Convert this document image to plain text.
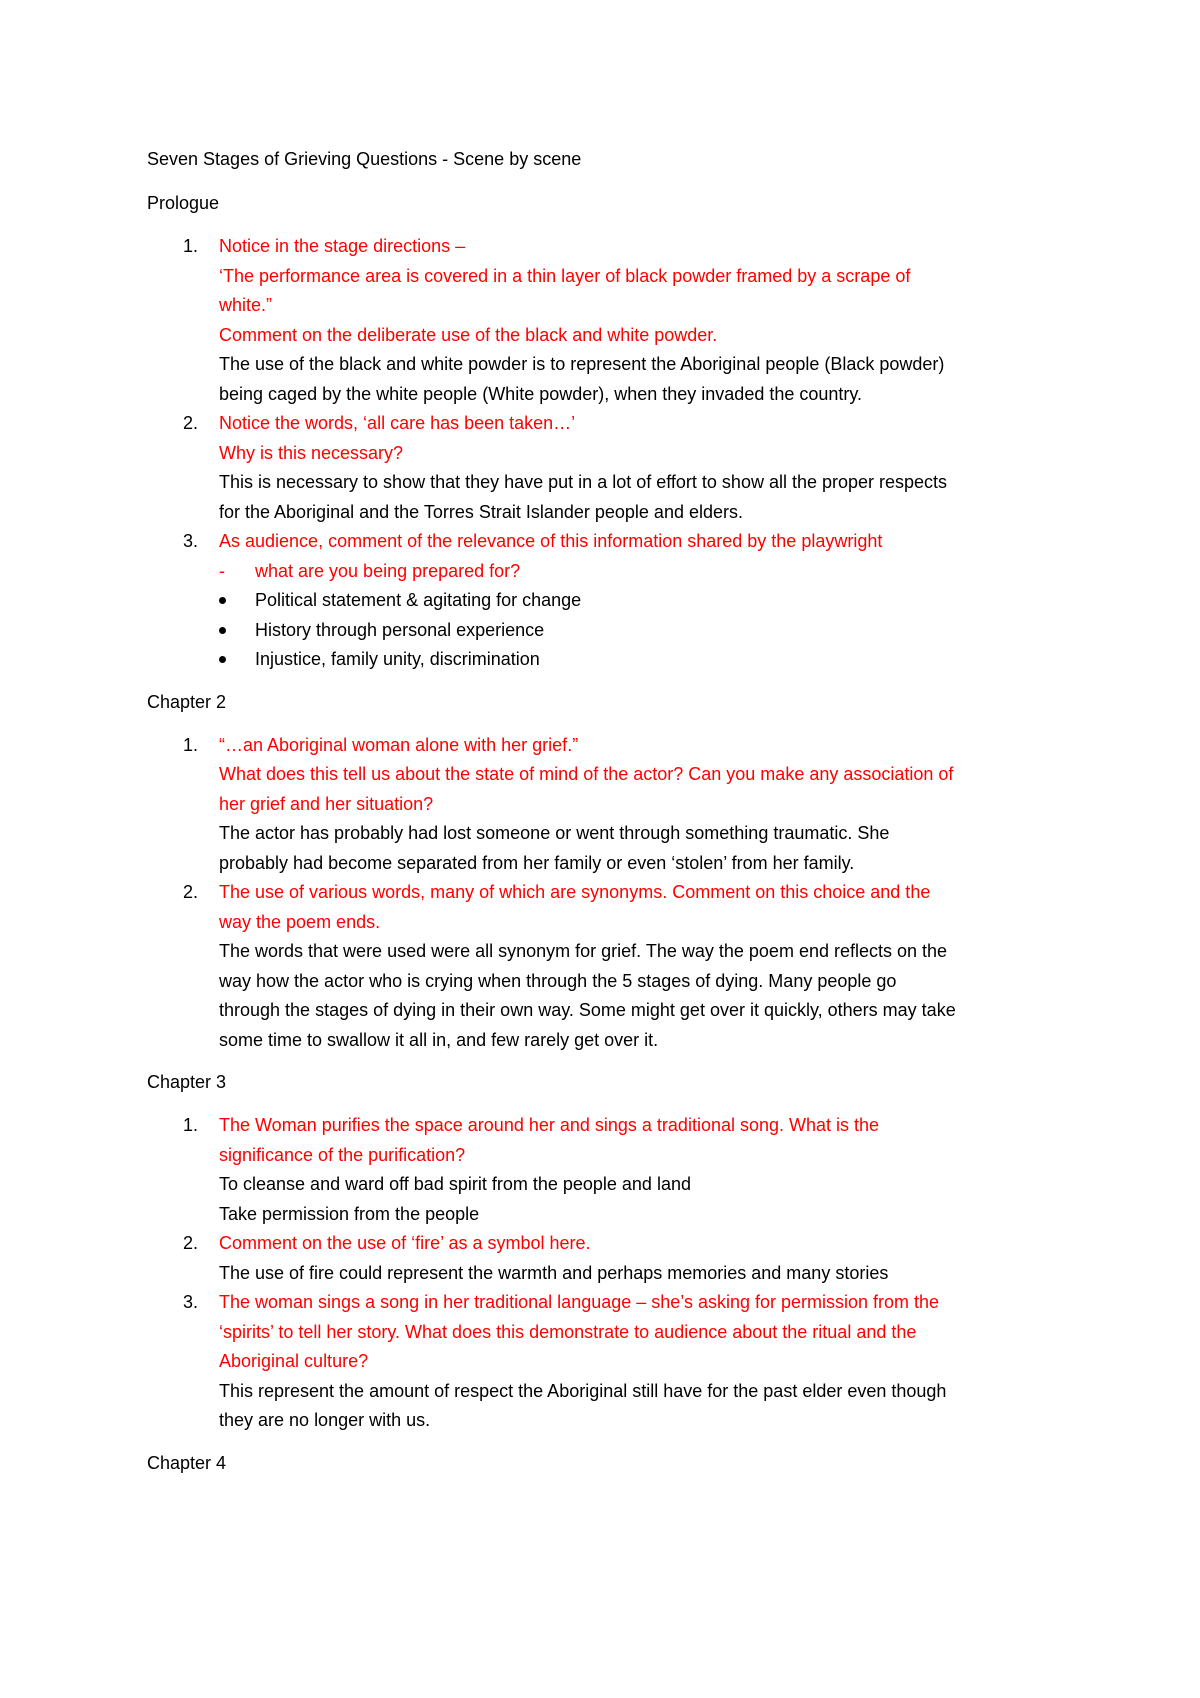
Seven Stages of Grieving Questions - Scene by scene
Prologue
1.	Notice in the stage directions –
‘The performance area is covered in a thin layer of black powder framed by a scrape of
white.”
Comment on the deliberate use of the black and white powder.
The use of the black and white powder is to represent the Aboriginal people (Black powder)
being caged by the white people (White powder), when they invaded the country.
2.	Notice the words, ‘all care has been taken…’
Why is this necessary?
This is necessary to show that they have put in a lot of effort to show all the proper respects
for the Aboriginal and the Torres Strait Islander people and elders.
3.	As audience, comment of the relevance of this information shared by the playwright
-	what are you being prepared for?
Political statement & agitating for change
History through personal experience
Injustice, family unity, discrimination
Chapter 2
1.	“…an Aboriginal woman alone with her grief.”
What does this tell us about the state of mind of the actor? Can you make any association of
her grief and her situation?
The actor has probably had lost someone or went through something traumatic. She
probably had become separated from her family or even ‘stolen’ from her family.
2.	The use of various words, many of which are synonyms. Comment on this choice and the
way the poem ends.
The words that were used were all synonym for grief. The way the poem end reflects on the
way how the actor who is crying when through the 5 stages of dying. Many people go
through the stages of dying in their own way. Some might get over it quickly, others may take
some time to swallow it all in, and few rarely get over it.
Chapter 3
1.	The Woman purifies the space around her and sings a traditional song. What is the
significance of the purification?
To cleanse and ward off bad spirit from the people and land
Take permission from the people
2.	Comment on the use of ‘fire’ as a symbol here.
The use of fire could represent the warmth and perhaps memories and many stories
3.	The woman sings a song in her traditional language – she’s asking for permission from the
‘spirits’ to tell her story. What does this demonstrate to audience about the ritual and the
Aboriginal culture?
This represent the amount of respect the Aboriginal still have for the past elder even though
they are no longer with us.
Chapter 4
